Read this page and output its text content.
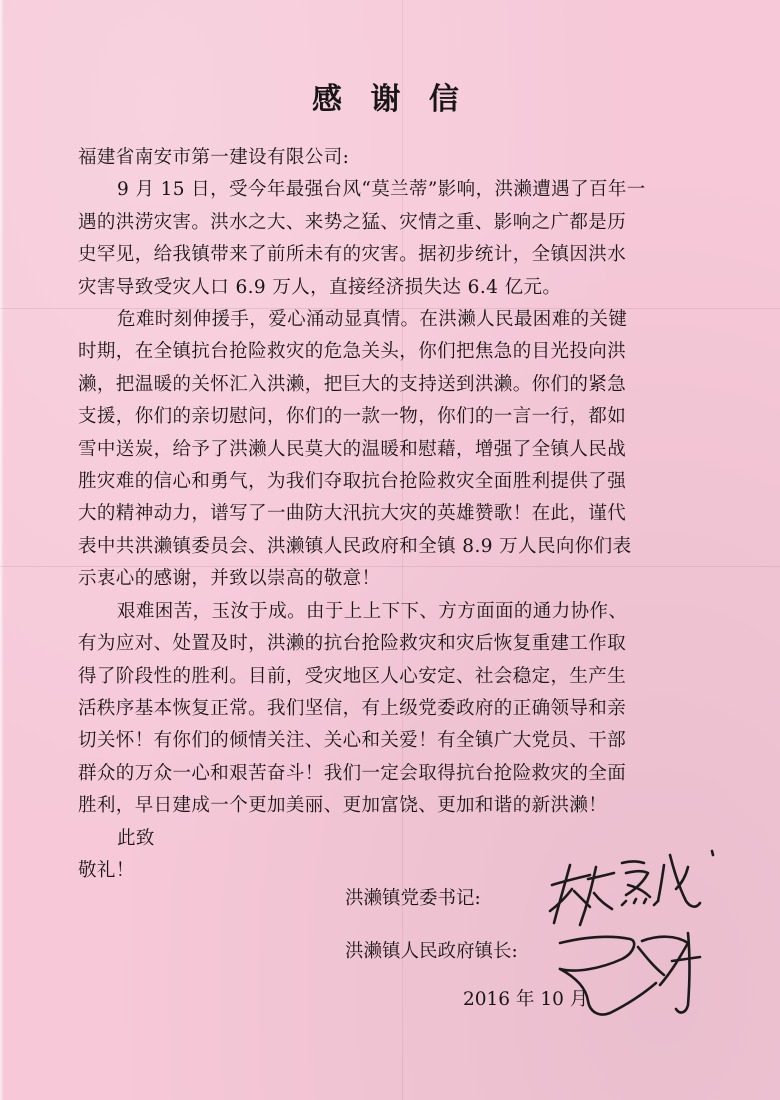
感 谢 信
福建省南安市第一建设有限公司:
9 月 15 日，受今年最强台风“莫兰蒂”影响，洪濑遭遇了百年一
遇的洪涝灾害。洪水之大、来势之猛、灾情之重、影响之广都是历
史罕见，给我镇带来了前所未有的灾害。据初步统计，全镇因洪水
灾害导致受灾人口 6.9 万人，直接经济损失达 6.4 亿元。
危难时刻伸援手，爱心涌动显真情。在洪濑人民最困难的关键
时期，在全镇抗台抢险救灾的危急关头，你们把焦急的目光投向洪
濑，把温暖的关怀汇入洪濑，把巨大的支持送到洪濑。你们的紧急
支援，你们的亲切慰问，你们的一款一物，你们的一言一行，都如
雪中送炭，给予了洪濑人民莫大的温暖和慰藉，增强了全镇人民战
胜灾难的信心和勇气，为我们夺取抗台抢险救灾全面胜利提供了强
大的精神动力，谱写了一曲防大汛抗大灾的英雄赞歌！在此，谨代
表中共洪濑镇委员会、洪濑镇人民政府和全镇 8.9 万人民向你们表
示衷心的感谢，并致以崇高的敬意！
艰难困苦，玉汝于成。由于上上下下、方方面面的通力协作、
有为应对、处置及时，洪濑的抗台抢险救灾和灾后恢复重建工作取
得了阶段性的胜利。目前，受灾地区人心安定、社会稳定，生产生
活秩序基本恢复正常。我们坚信，有上级党委政府的正确领导和亲
切关怀！有你们的倾情关注、关心和关爱！有全镇广大党员、干部
群众的万众一心和艰苦奋斗！我们一定会取得抗台抢险救灾的全面
胜利，早日建成一个更加美丽、更加富饶、更加和谐的新洪濑！
此致
敬礼！
洪濑镇党委书记:
洪濑镇人民政府镇长:
2016 年 10 月
